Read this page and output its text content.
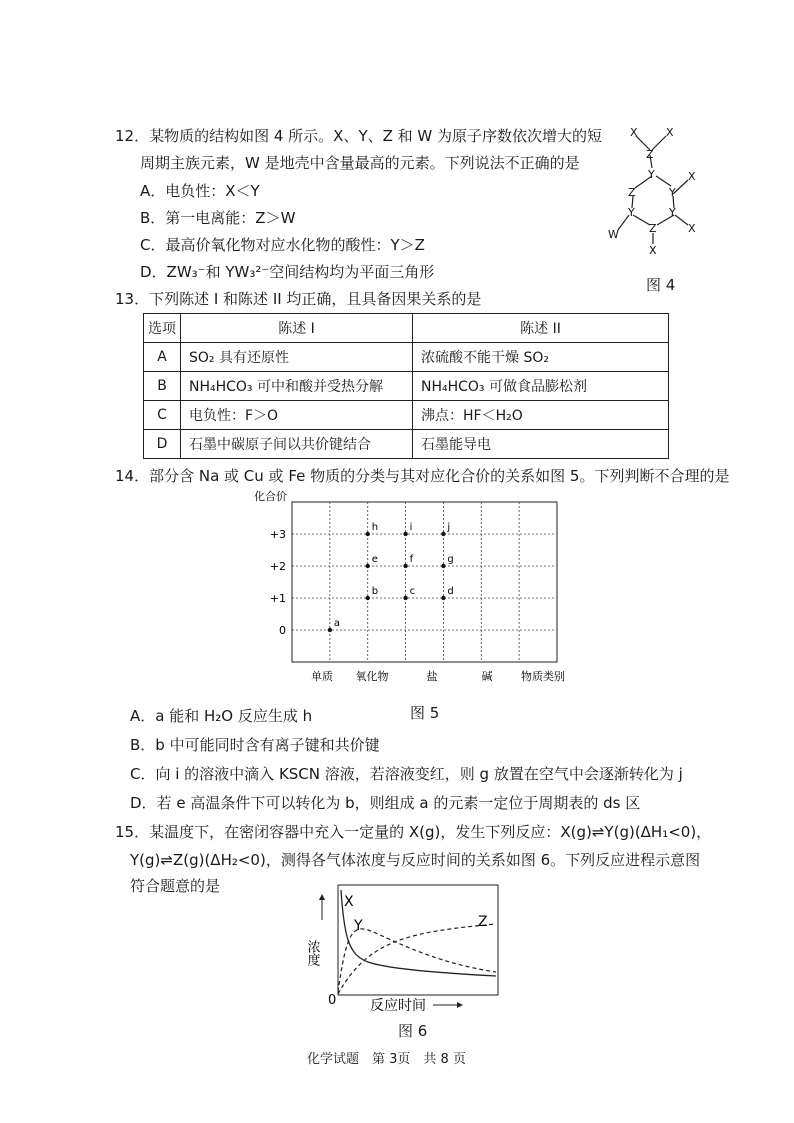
12．某物质的结构如图 4 所示。X、Y、Z 和 W 为原子序数依次增大的短
周期主族元素，W 是地壳中含量最高的元素。下列说法不正确的是
A．电负性：X＜Y
B．第一电离能：Z＞W
C．最高价氧化物对应水化物的酸性：Y＞Z
D．ZW₃⁻和 YW₃²⁻空间结构均为平面三角形
X	X
Z
Y
Y
X
Z
Y	Y
W	Z
X
X
图 4
13．下列陈述 I 和陈述 II 均正确，且具备因果关系的是
选项	陈述 I	陈述 II
A	SO₂ 具有还原性	浓硫酸不能干燥 SO₂
B	NH₄HCO₃ 可中和酸并受热分解	NH₄HCO₃ 可做食品膨松剂
C	电负性：F＞O	沸点：HF＜H₂O
D	石墨中碳原子间以共价键结合	石墨能导电
14．部分含 Na 或 Cu 或 Fe 物质的分类与其对应化合价的关系如图 5。下列判断不合理的是
+3
+2
+1
0
化合价
单质 氧化物	盐	碱	物质类别
a
b	c	d
e	f	g
h	i	j
图 5
A．a 能和 H₂O 反应生成 h
B．b 中可能同时含有离子键和共价键
C．向 i 的溶液中滴入 KSCN 溶液，若溶液变红，则 g 放置在空气中会逐渐转化为 j
D．若 e 高温条件下可以转化为 b，则组成 a 的元素一定位于周期表的 ds 区
15．某温度下，在密闭容器中充入一定量的 X(g)，发生下列反应：X(g)⇌Y(g)(ΔH₁<0)，
Y(g)⇌Z(g)(ΔH₂<0)，测得各气体浓度与反应时间的关系如图 6。下列反应进程示意图
符合题意的是
X
Y	Z
0
浓度
反应时间
图 6
化学试题　第 3页　共 8 页
